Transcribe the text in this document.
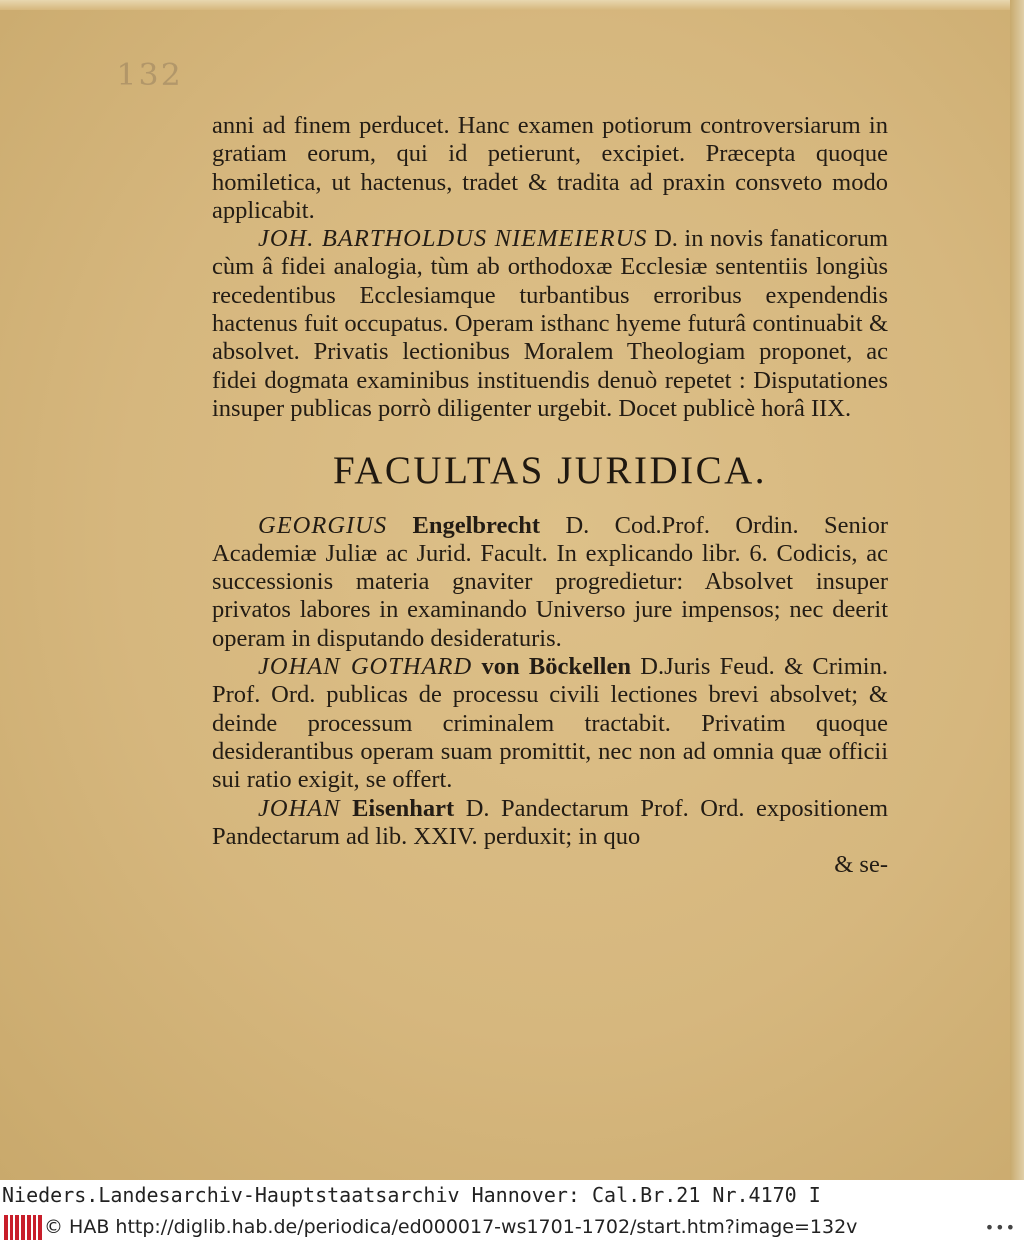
132

anni ad finem perducet. Hanc examen potiorum controversiarum in gratiam eorum, qui id petierunt, excipiet. Præcepta quoque homiletica, ut hactenus, tradet & tradita ad praxin consveto modo applicabit.

JOH. BARTHOLDUS NIEMEIERUS D. in novis fanaticorum cùm â fidei analogia, tùm ab orthodoxæ Ecclesiæ sententiis longiùs recedentibus Ecclesiamque turbantibus erroribus expendendis hactenus fuit occupatus. Operam isthanc hyeme futurâ continuabit & absolvet. Privatis lectionibus Moralem Theologiam proponet, ac fidei dogmata examinibus instituendis denuò repetet : Disputationes insuper publicas porrò diligenter urgebit. Docet publicè horâ IIX.

FACULTAS JURIDICA.

GEORGIUS Engelbrecht D. Cod.Prof. Ordin. Senior Academiæ Juliæ ac Jurid. Facult. In explicando libr. 6. Codicis, ac successionis materia gnaviter progredietur: Absolvet insuper privatos labores in examinando Universo jure impensos; nec deerit operam in disputando desideraturis.

JOHAN GOTHARD von Böckellen D.Juris Feud. & Crimin. Prof. Ord. publicas de processu civili lectiones brevi absolvet; & deinde processum criminalem tractabit. Privatim quoque desiderantibus operam suam promittit, nec non ad omnia quæ officii sui ratio exigit, se offert.

JOHAN Eisenhart D. Pandectarum Prof. Ord. expositionem Pandectarum ad lib. XXIV. perduxit; in quo

& se-

Nieders.Landesarchiv-Hauptstaatsarchiv Hannover: Cal.Br.21 Nr.4170 I
© HAB http://diglib.hab.de/periodica/ed000017-ws1701-1702/start.htm?image=132v	•••
